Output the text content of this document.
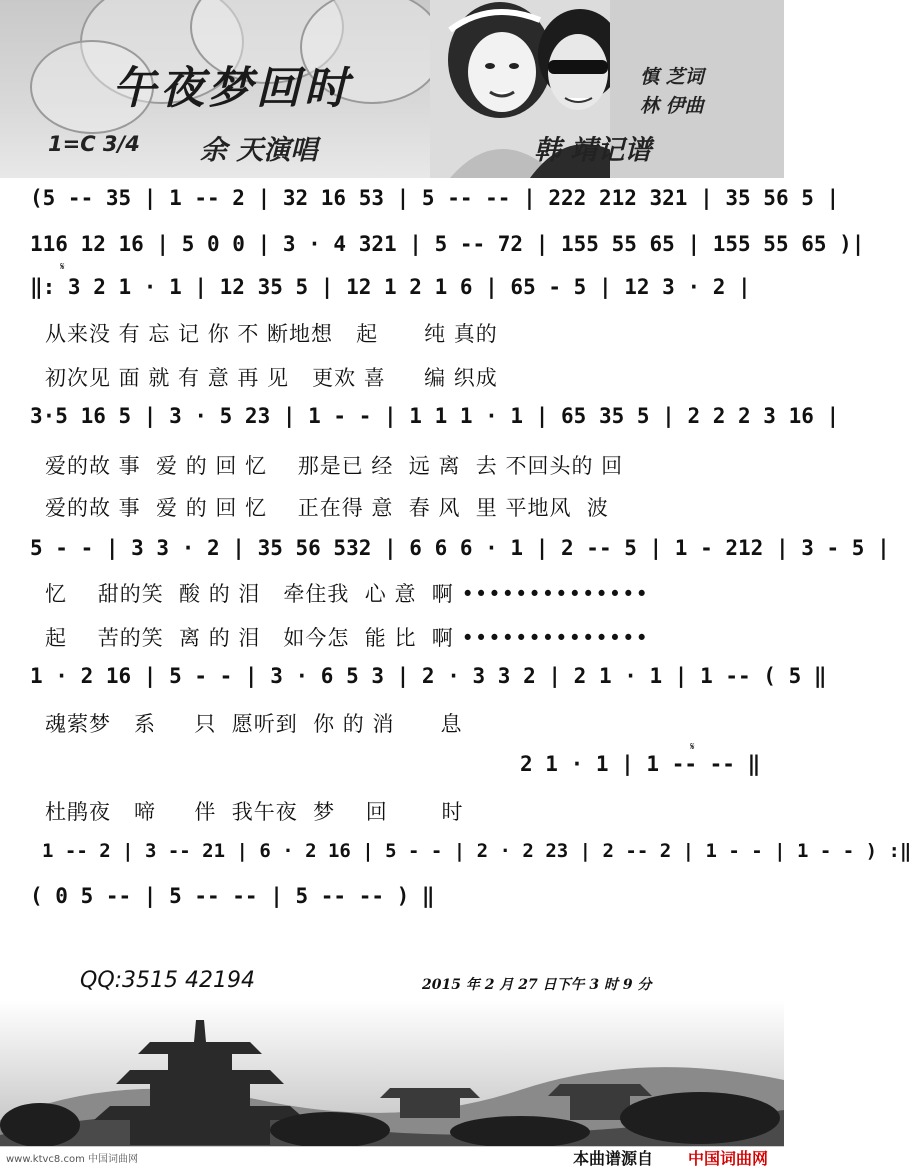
午夜梦回时	慎 芝词
林 伊曲
1=C 3/4 余 天演唱	韩 靖记谱
(5 -- 35 | 1 -- 2 | 32 16 53 | 5 -- -- | 222 212 321 | 35 56 5 |
116 12 16 | 5 0 0 | 3 · 4 321 | 5 -- 72 | 155 55 65 | 155 55 65 )|
𝄋
‖: 3 2 1 · 1 | 12 35 5 | 12 1 2 1 6 | 65 - 5 | 12 3 · 2 |
从来没 有 忘 记 你 不 断地想   起      纯 真的
初次见 面 就 有 意 再 见   更欢 喜     编 织成
3·5 16 5 | 3 · 5 23 | 1 - - | 1 1 1 · 1 | 65 35 5 | 2 2 2 3 16 |
爱的故 事  爱 的 回 忆    那是已 经  远 离  去 不回头的 回
爱的故 事  爱 的 回 忆    正在得 意  春 风  里 平地风  波
5 - - | 3 3 · 2 | 35 56 532 | 6 6 6 · 1 | 2 -- 5 | 1 - 212 | 3 - 5 |
忆    甜的笑  酸 的 泪   牵住我  心 意  啊 ••••••••••••••
起    苦的笑  离 的 泪   如今怎  能 比  啊 ••••••••••••••
1 · 2 16 | 5 - - | 3 · 6 5 3 | 2 · 3 3 2 | 2 1 · 1 | 1 -- ( 5 ‖
魂萦梦   系     只  愿听到  你 的 消      息
𝄋
2 1 · 1 | 1 -- -- ‖
杜鹃夜   啼     伴  我午夜  梦    回       时
1 -- 2 | 3 -- 21 | 6 · 2 16 | 5 - - | 2 · 2 23 | 2 -- 2 | 1 - - | 1 - - ) :‖
( 0 5 -- | 5 -- -- | 5 -- -- ) ‖
QQ:3515 42194	2015 年 2 月 27 日下午 3 时 9 分
www.ktvc8.com 中国词曲网	本曲谱源自 中国词曲网
